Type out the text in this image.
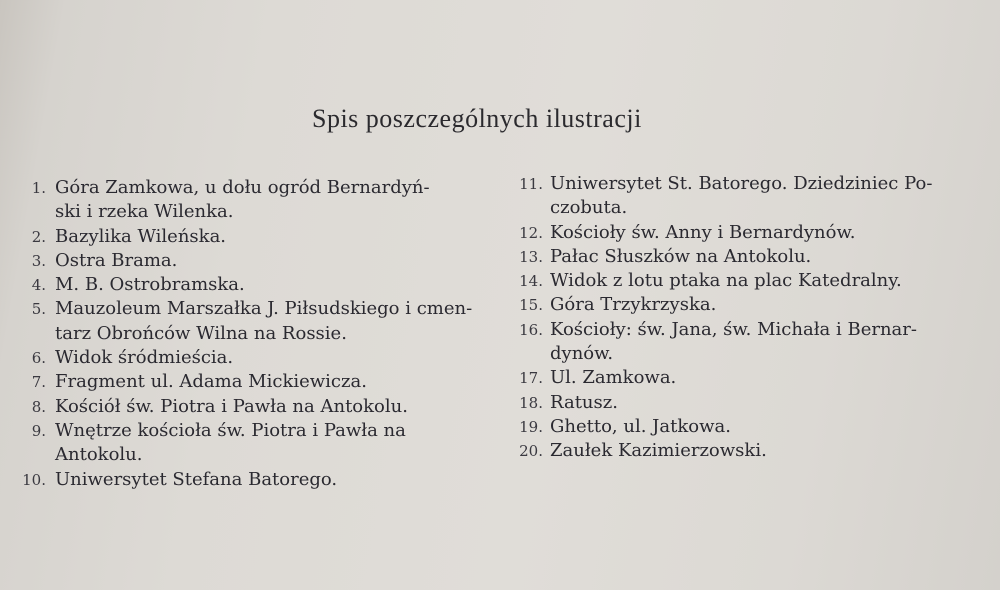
Spis poszczególnych ilustracji
1. Góra Zamkowa, u dołu ogród Bernardyń-
ski i rzeka Wilenka.
2. Bazylika Wileńska.
3. Ostra Brama.
4. M. B. Ostrobramska.
5. Mauzoleum Marszałka J. Piłsudskiego i cmen-
tarz Obrońców Wilna na Rossie.
6. Widok śródmieścia.
7. Fragment ul. Adama Mickiewicza.
8. Kościół św. Piotra i Pawła na Antokolu.
9. Wnętrze kościoła św. Piotra i Pawła na
Antokolu.
10. Uniwersytet Stefana Batorego.
11. Uniwersytet St. Batorego. Dziedziniec Po-
czobuta.
12. Kościoły św. Anny i Bernardynów.
13. Pałac Słuszków na Antokolu.
14. Widok z lotu ptaka na plac Katedralny.
15. Góra Trzykrzyska.
16. Kościoły: św. Jana, św. Michała i Bernar-
dynów.
17. Ul. Zamkowa.
18. Ratusz.
19. Ghetto, ul. Jatkowa.
20. Zaułek Kazimierzowski.
